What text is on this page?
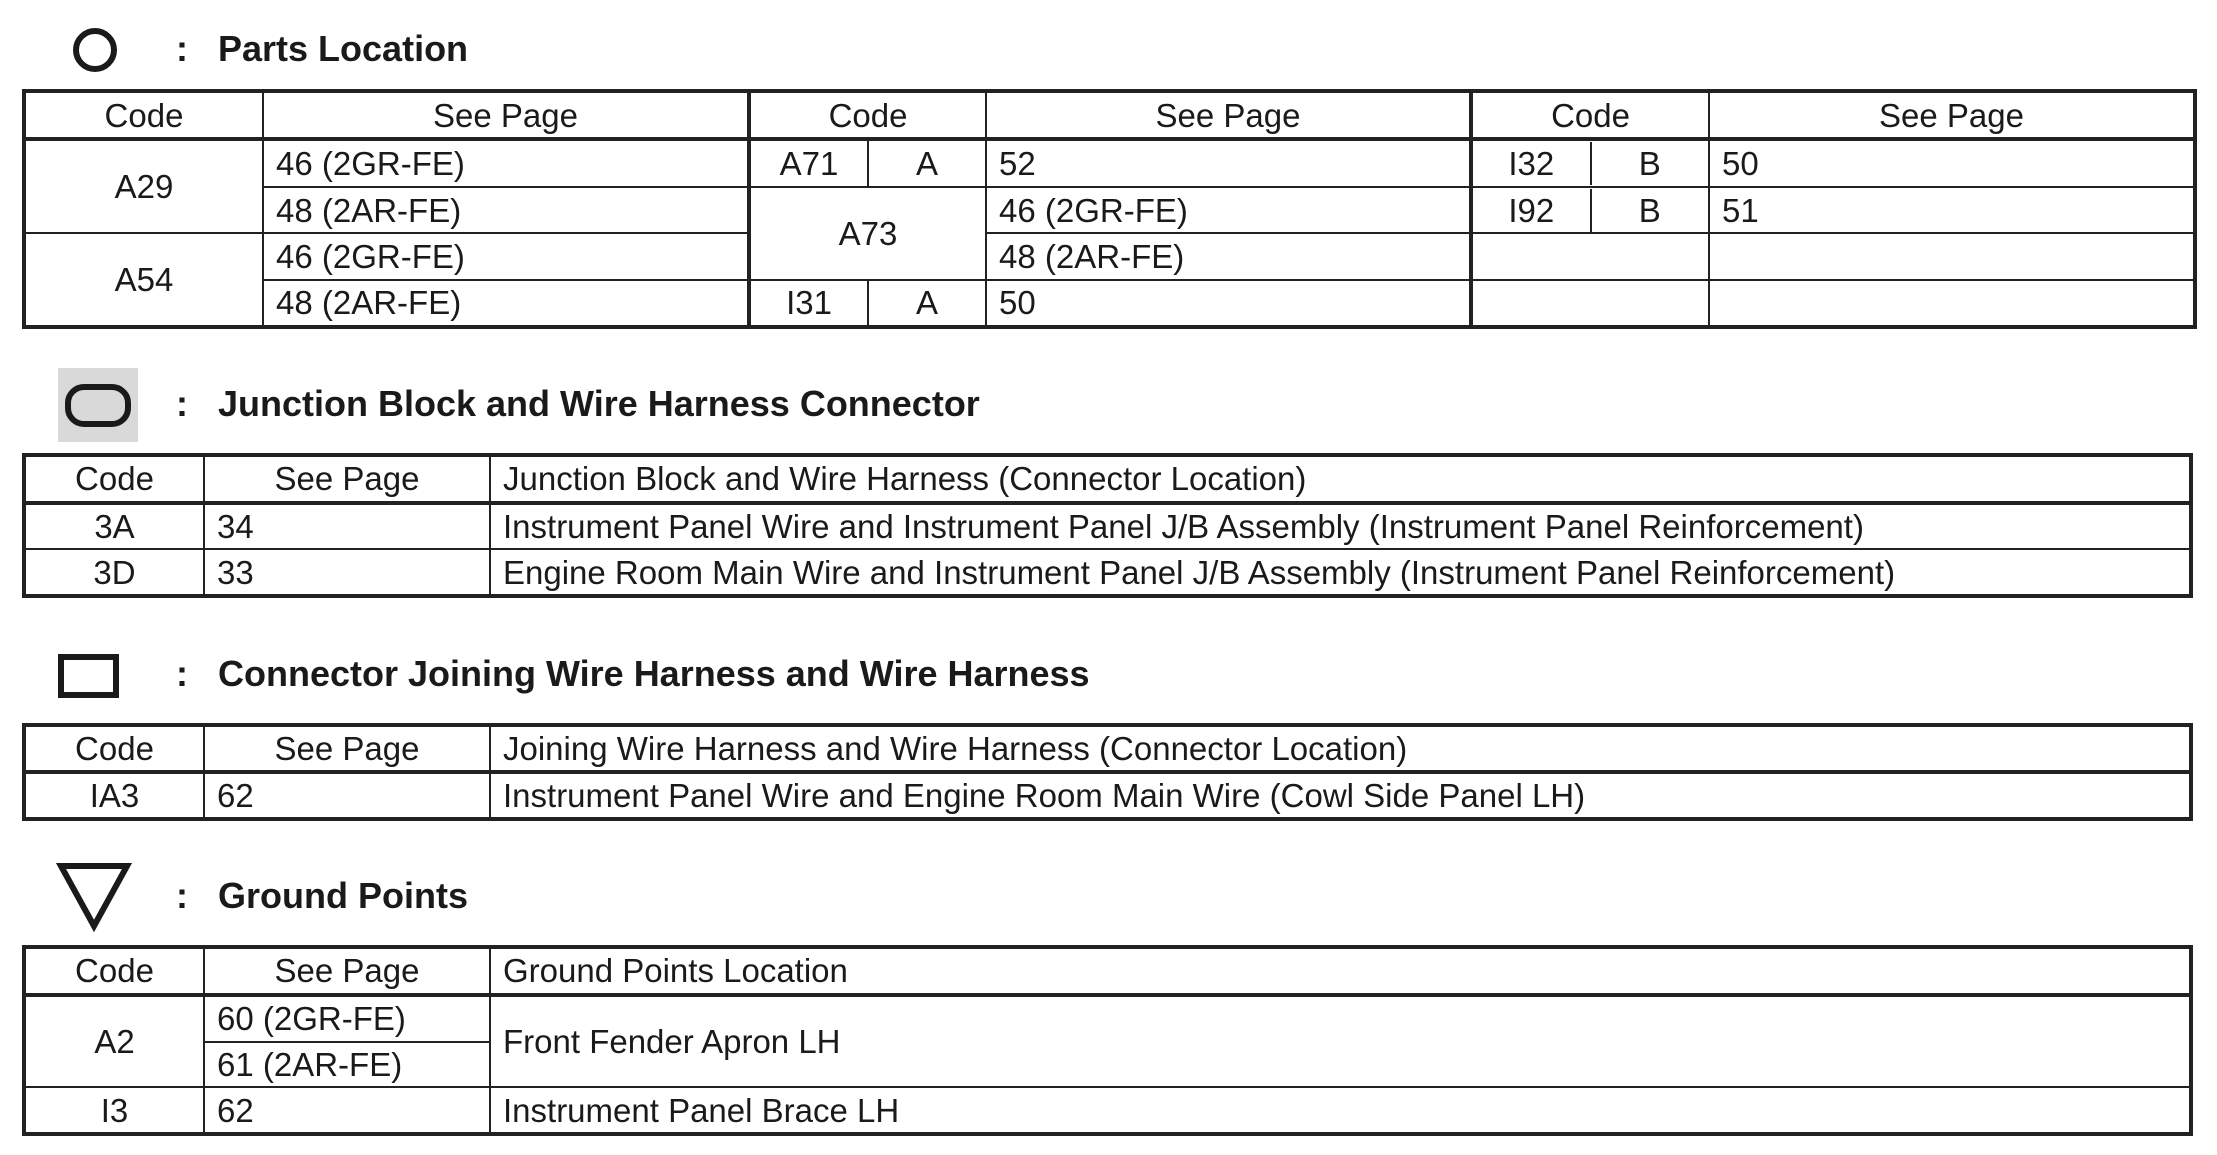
: Parts Location
Code	See Page	Code		See Page	Code	See Page
A29	46 (2GR-FE)	A71	A	52	I32 B	50
	48 (2AR-FE)	A73		46 (2GR-FE)	I92 B	51
A54	46 (2GR-FE)			48 (2AR-FE)		
	48 (2AR-FE)	I31	A	50		
: Junction Block and Wire Harness Connector
Code	See Page	Junction Block and Wire Harness (Connector Location)
3A	34	Instrument Panel Wire and Instrument Panel J/B Assembly (Instrument Panel Reinforcement)
3D	33	Engine Room Main Wire and Instrument Panel J/B Assembly (Instrument Panel Reinforcement)
: Connector Joining Wire Harness and Wire Harness
Code	See Page	Joining Wire Harness and Wire Harness (Connector Location)
IA3	62	Instrument Panel Wire and Engine Room Main Wire (Cowl Side Panel LH)
: Ground Points
Code	See Page	Ground Points Location
A2	60 (2GR-FE)	Front Fender Apron LH
	61 (2AR-FE)	
I3	62	Instrument Panel Brace LH
